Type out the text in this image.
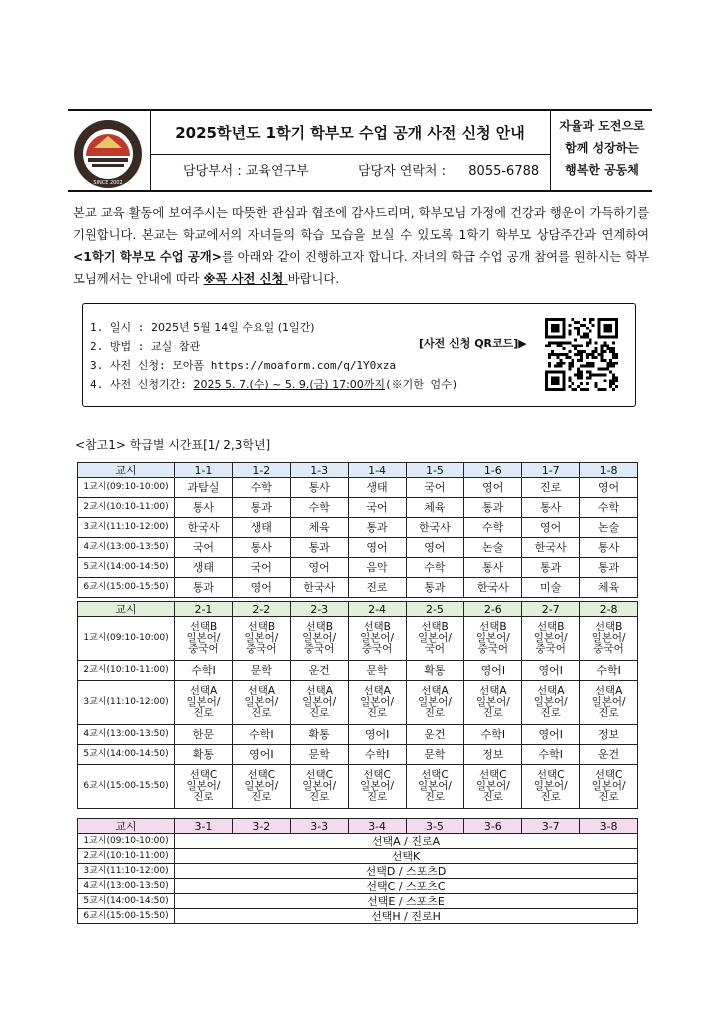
SINCE 2002
2025학년도 1학기 학부모 수업 공개 사전 신청 안내
담당부서 : 교육연구부	담당자 연락처 : 8055-6788
자율과 도전으로
함께 성장하는
행복한 공동체
본교 교육 활동에 보여주시는 따뜻한 관심과 협조에 감사드리며, 학부모님 가정에 건강과 행운이 가득하기를 기원합니다. 본교는 학교에서의 자녀들의 학습 모습을 보실 수 있도록 1학기 학부모 상담주간과 연계하여 <1학기 학부모 수업 공개>를 아래와 같이 진행하고자 합니다. 자녀의 학급 수업 공개 참여를 원하시는 학부모님께서는 안내에 따라 ※꼭 사전 신청 바랍니다.
1. 일시 : 2025년 5월 14일 수요일 (1일간)
2. 방법 : 교실 참관
3. 사전 신청: 모아폼 https://moaform.com/q/1Y0xza
4. 사전 신청기간: 2025 5. 7.(수) ~ 5. 9.(금) 17:00까지(※기한 엄수)
[사전 신청 QR코드]▶
<참고1> 학급별 시간표[1/ 2,3학년]
교시	1-1	1-2	1-3	1-4	1-5	1-6	1-7	1-8
1교시(09:10-10:00)	과탐실	수학	통사	생태	국어	영어	진로	영어
2교시(10:10-11:00)	통사	통과	수학	국어	체육	통과	통사	수학
3교시(11:10-12:00)	한국사	생태	체육	통과	한국사	수학	영어	논술
4교시(13:00-13:50)	국어	통사	통과	영어	영어	논술	한국사	통사
5교시(14:00-14:50)	생태	국어	영어	음악	수학	통사	통과	통과
6교시(15:00-15:50)	통과	영어	한국사	진로	통과	한국사	미술	체육
교시	2-1	2-2	2-3	2-4	2-5	2-6	2-7	2-8
1교시(09:10-10:00)	선택B
일본어/
중국어	선택B
일본어/
중국어	선택B
일본어/
중국어	선택B
일본어/
중국어	선택B
일본어/
국어	선택B
일본어/
중국어	선택B
일본어/
중국어	선택B
일본어/
중국어
2교시(10:10-11:00)	수학Ⅰ	문학	운건	문학	확통	영어Ⅰ	영어Ⅰ	수학Ⅰ
3교시(11:10-12:00)	선택A
일본어/
진로	선택A
일본어/
진로	선택A
일본어/
진로	선택A
일본어/
진로	선택A
일본어/
진로	선택A
일본어/
진로	선택A
일본어/
진로	선택A
일본어/
진로
4교시(13:00-13:50)	한문	수학Ⅰ	확통	영어Ⅰ	운건	수학Ⅰ	영어Ⅰ	정보
5교시(14:00-14:50)	확통	영어Ⅰ	문학	수학Ⅰ	문학	정보	수학Ⅰ	운건
6교시(15:00-15:50)	선택C
일본어/
진로	선택C
일본어/
진로	선택C
일본어/
진로	선택C
일본어/
진로	선택C
일본어/
진로	선택C
일본어/
진로	선택C
일본어/
진로	선택C
일본어/
진로
교시	3-1	3-2	3-3	3-4	3-5	3-6	3-7	3-8
1교시(09:10-10:00)	선택A / 진로A							
2교시(10:10-11:00)	선택K							
3교시(11:10-12:00)	선택D / 스포츠D							
4교시(13:00-13:50)	선택C / 스포츠C							
5교시(14:00-14:50)	선택E / 스포츠E							
6교시(15:00-15:50)	선택H / 진로H							
